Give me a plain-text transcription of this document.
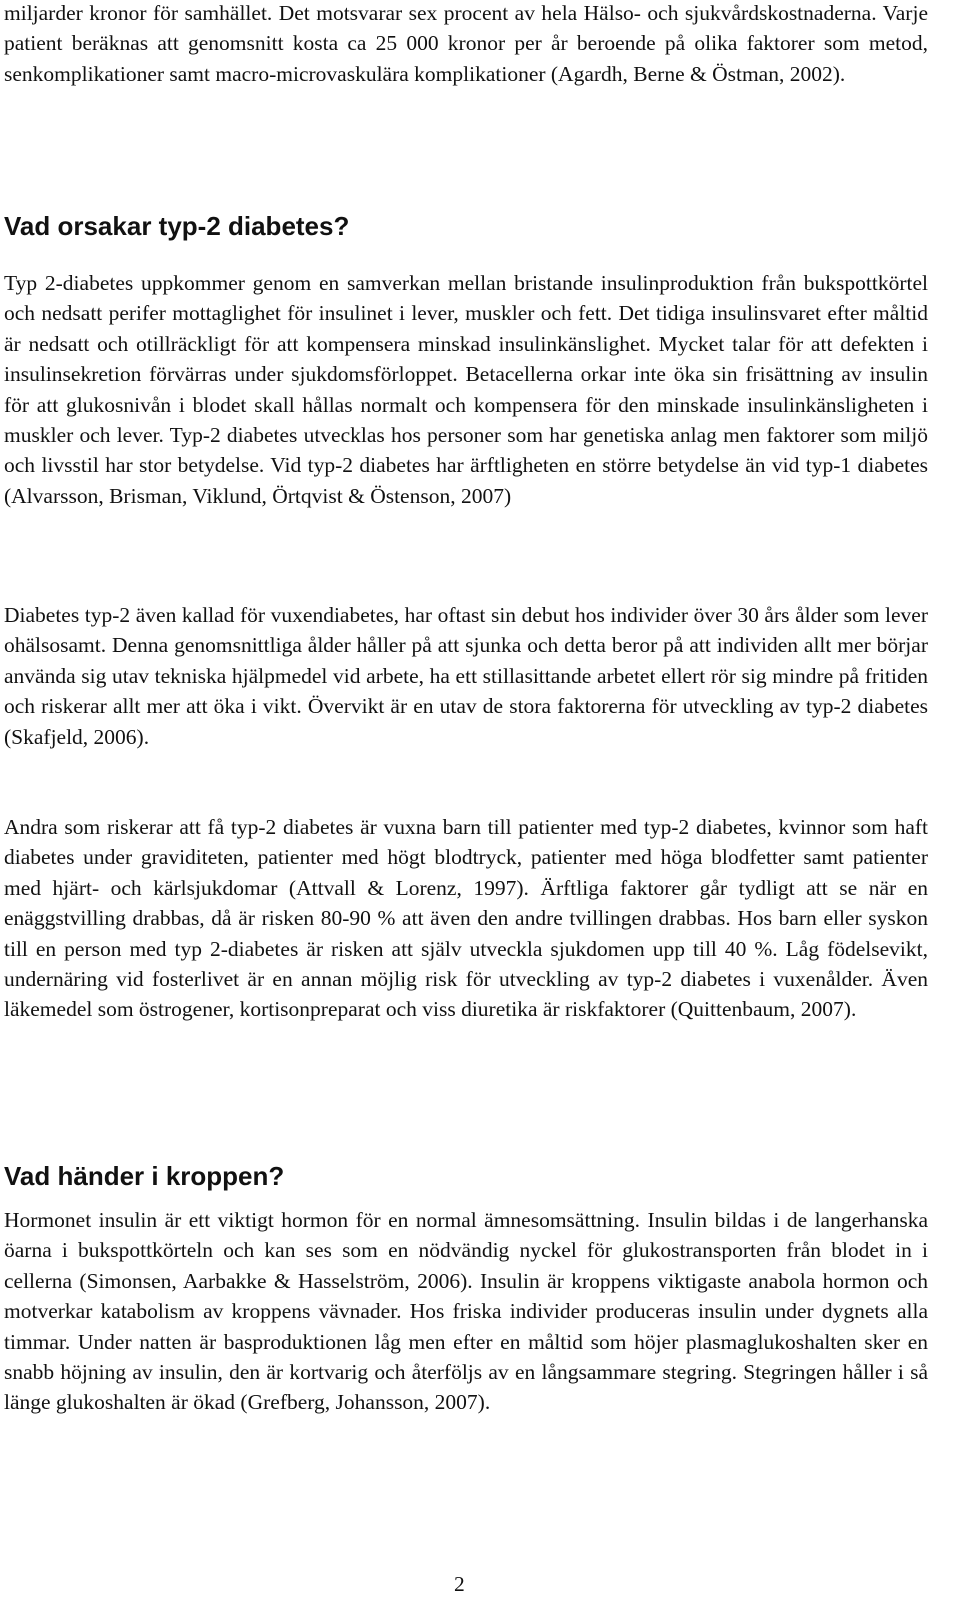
miljarder kronor för samhället. Det motsvarar sex procent av hela Hälso- och sjukvårdskostnaderna. Varje patient beräknas att genomsnitt kosta ca 25 000 kronor per år beroende på olika faktorer som metod, senkomplikationer samt macro-microvaskulära komplikationer (Agardh, Berne & Östman, 2002).

Vad orsakar typ-2 diabetes?

Typ 2-diabetes uppkommer genom en samverkan mellan bristande insulinproduktion från bukspottkörtel och nedsatt perifer mottaglighet för insulinet i lever, muskler och fett. Det tidiga insulinsvaret efter måltid är nedsatt och otillräckligt för att kompensera minskad insulinkänslighet. Mycket talar för att defekten i insulinsekretion förvärras under sjukdomsförloppet. Betacellerna orkar inte öka sin frisättning av insulin för att glukosnivån i blodet skall hållas normalt och kompensera för den minskade insulinkänsligheten i muskler och lever. Typ-2 diabetes utvecklas hos personer som har genetiska anlag men faktorer som miljö och livsstil har stor betydelse. Vid typ-2 diabetes har ärftligheten en större betydelse än vid typ-1 diabetes (Alvarsson, Brisman, Viklund, Örtqvist & Östenson, 2007)

Diabetes typ-2 även kallad för vuxendiabetes, har oftast sin debut hos individer över 30 års ålder som lever ohälsosamt. Denna genomsnittliga ålder håller på att sjunka och detta beror på att individen allt mer börjar använda sig utav tekniska hjälpmedel vid arbete, ha ett stillasittande arbetet ellert rör sig mindre på fritiden och riskerar allt mer att öka i vikt. Övervikt är en utav de stora faktorerna för utveckling av typ-2 diabetes (Skafjeld, 2006).

Andra som riskerar att få typ-2 diabetes är vuxna barn till patienter med typ-2 diabetes, kvinnor som haft diabetes under graviditeten, patienter med högt blodtryck, patienter med höga blodfetter samt patienter med hjärt- och kärlsjukdomar (Attvall & Lorenz, 1997). Ärftliga faktorer går tydligt att se när en enäggstvilling drabbas, då är risken 80-90 % att även den andre tvillingen drabbas. Hos barn eller syskon till en person med typ 2-diabetes är risken att själv utveckla sjukdomen upp till 40 %. Låg födelsevikt, undernäring vid fosterlivet är en annan möjlig risk för utveckling av typ-2 diabetes i vuxenålder. Även läkemedel som östrogener, kortisonpreparat och viss diuretika är riskfaktorer (Quittenbaum, 2007).

Vad händer i kroppen?

Hormonet insulin är ett viktigt hormon för en normal ämnesomsättning. Insulin bildas i de langerhanska öarna i bukspottkörteln och kan ses som en nödvändig nyckel för glukostransporten från blodet in i cellerna (Simonsen, Aarbakke & Hasselström, 2006). Insulin är kroppens viktigaste anabola hormon och motverkar katabolism av kroppens vävnader. Hos friska individer produceras insulin under dygnets alla timmar. Under natten är basproduktionen låg men efter en måltid som höjer plasmaglukoshalten sker en snabb höjning av insulin, den är kortvarig och återföljs av en långsammare stegring. Stegringen håller i så länge glukoshalten är ökad (Grefberg, Johansson, 2007).

2
